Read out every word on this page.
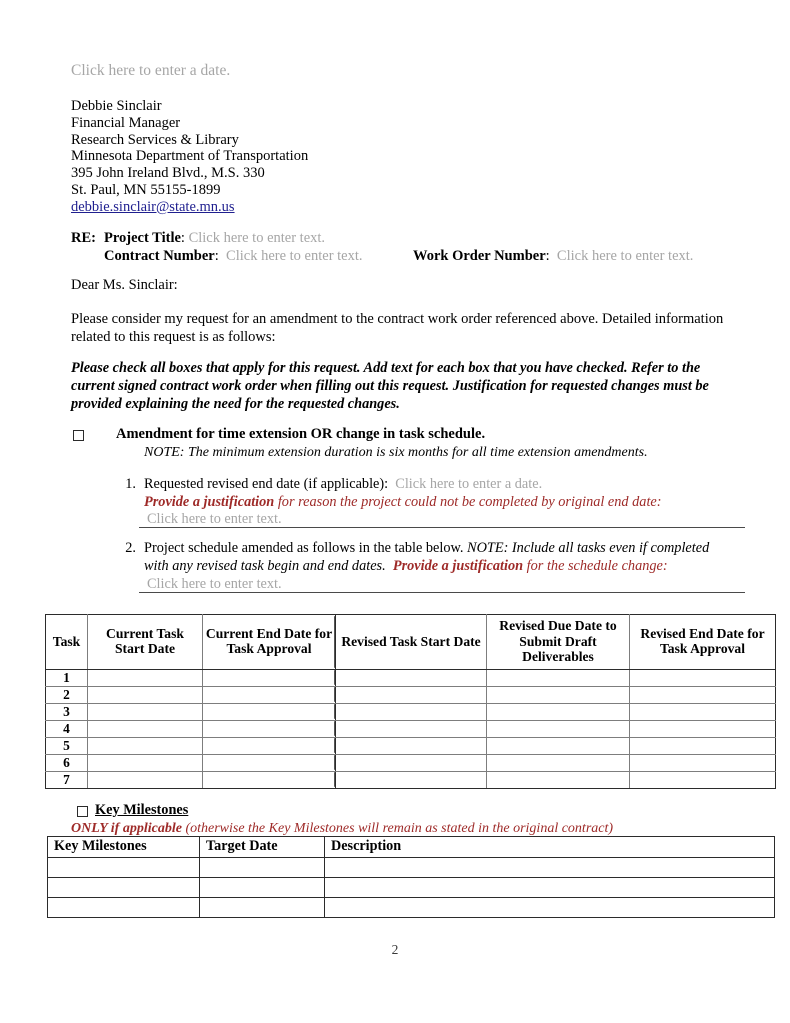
Click here to enter a date.
Debbie Sinclair
Financial Manager
Research Services & Library
Minnesota Department of Transportation
395 John Ireland Blvd., M.S. 330
St. Paul, MN 55155-1899
debbie.sinclair@state.mn.us
RE: Project Title: Click here to enter text.
Contract Number: Click here to enter text.	Work Order Number: Click here to enter text.
Dear Ms. Sinclair:
Please consider my request for an amendment to the contract work order referenced above. Detailed information related to this request is as follows:
Please check all boxes that apply for this request. Add text for each box that you have checked. Refer to the current signed contract work order when filling out this request. Justification for requested changes must be provided explaining the need for the requested changes.
Amendment for time extension OR change in task schedule.
NOTE: The minimum extension duration is six months for all time extension amendments.
1. Requested revised end date (if applicable): Click here to enter a date.
Provide a justification for reason the project could not be completed by original end date:
Click here to enter text.
2. Project schedule amended as follows in the table below. NOTE: Include all tasks even if completed with any revised task begin and end dates. Provide a justification for the schedule change:
Click here to enter text.
Task	Current Task Start Date	Current End Date for Task Approval	Revised Task Start Date	Revised Due Date to Submit Draft Deliverables	Revised End Date for Task Approval
1					
2					
3					
4					
5					
6					
7					
Key Milestones
ONLY if applicable (otherwise the Key Milestones will remain as stated in the original contract)
Key Milestones	Target Date	Description

2
